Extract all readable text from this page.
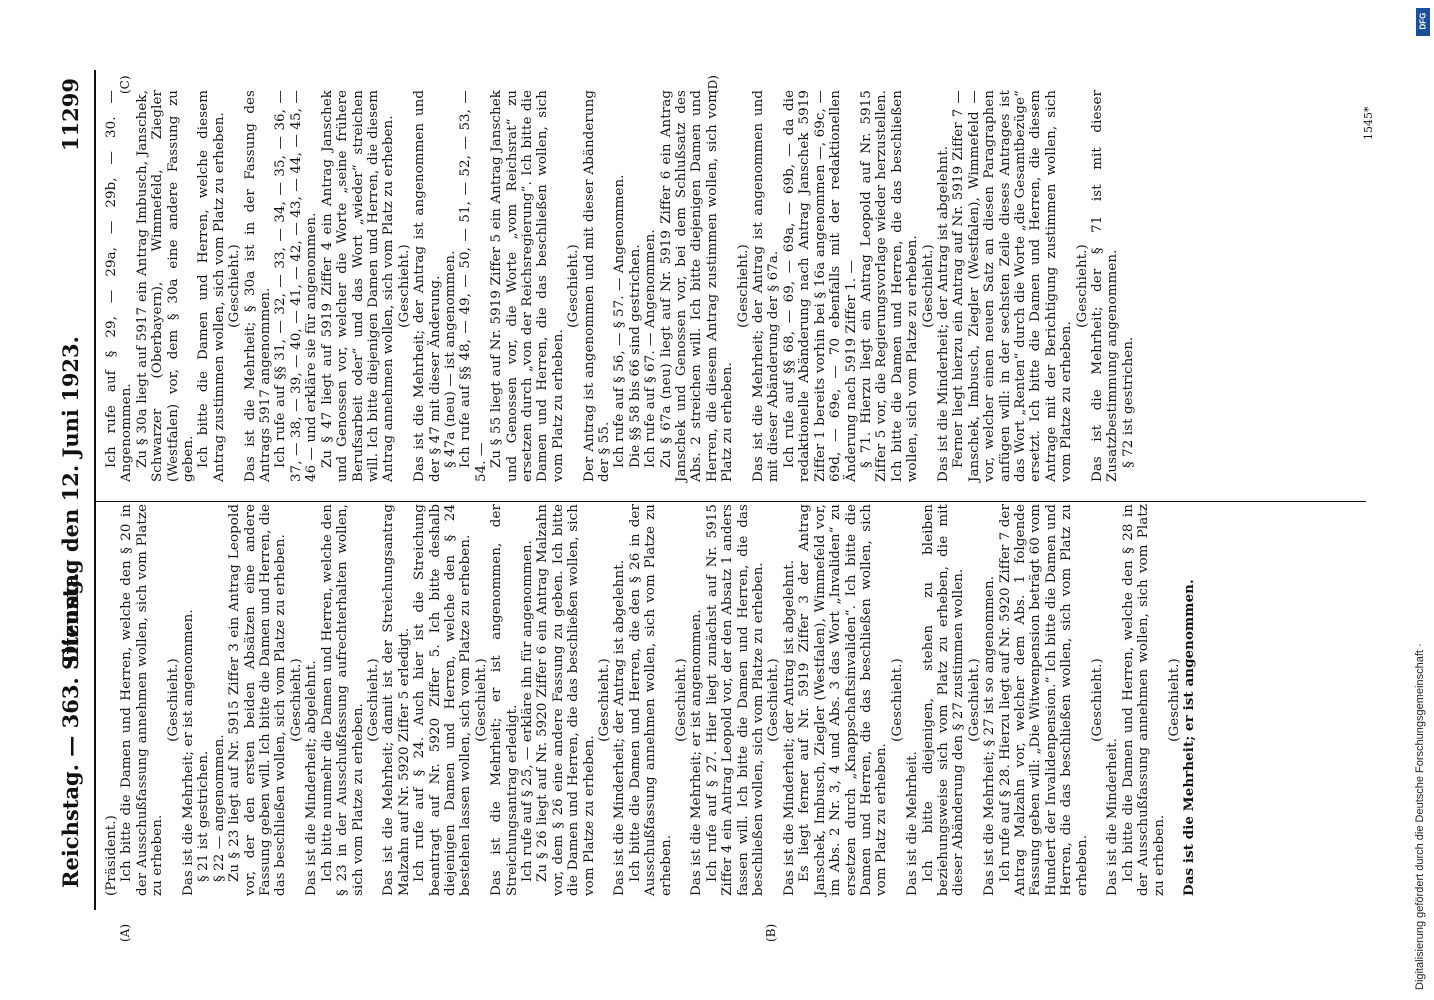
Reichstag. — 363. Sitzung.
Dienstag den 12. Juni 1923.
11299
(A)	(B)
(C)	(D)

(Präsident.) Ich bitte die Damen und Herren, welche den § 20 in der Ausschußfassung annehmen wollen, sich vom Platze zu erheben.

(Geschieht.) Das ist die Mehrheit; er ist angenommen. § 21 ist gestrichen. § 22 — angenommen. Zu § 23 liegt auf Nr. 5915 Ziffer 3 ein Antrag Leopold vor, der den ersten beiden Absätzen eine andere Fassung geben will. Ich bitte die Damen und Herren, die das beschließen wollen, sich vom Platze zu erheben. (Geschieht.) Das ist die Minderheit; abgelehnt. Ich bitte nunmehr die Damen und Herren, welche den § 23 in der Ausschußfassung aufrechterhalten wollen, sich vom Platze zu erheben.

(Geschieht.) Das ist die Mehrheit; damit ist der Streichungsantrag Malzahn auf Nr. 5920 Ziffer 5 erledigt. Ich rufe auf § 24. Auch hier ist die Streichung beantragt auf Nr. 5920 Ziffer 5. Ich bitte deshalb diejenigen Damen und Herren, welche den § 24 bestehen lassen wollen, sich vom Platze zu erheben. (Geschieht.) Das ist die Mehrheit; er ist angenommen, der Streichungsantrag erledigt. Ich rufe auf § 25, — erkläre ihn für angenommen. Zu § 26 liegt auf Nr. 5920 Ziffer 6 ein Antrag Malzahn vor, dem § 26 eine andere Fassung zu geben. Ich bitte die Damen und Herren, die das beschließen wollen, sich vom Platze zu erheben.

(Geschieht.) Das ist die Minderheit; der Antrag ist abgelehnt. Ich bitte die Damen und Herren, die den § 26 in der Ausschußfassung annehmen wollen, sich vom Platze zu erheben.

(Geschieht.) Das ist die Mehrheit; er ist angenommen. Ich rufe auf § 27. Hier liegt zunächst auf Nr. 5915 Ziffer 4 ein Antrag Leopold vor, der den Absatz 1 anders fassen will. Ich bitte die Damen und Herren, die das beschließen wollen, sich vom Platze zu erheben. (Geschieht.) Das ist die Minderheit; der Antrag ist abgelehnt. Es liegt ferner auf Nr. 5919 Ziffer 3 der Antrag Janschek, Imbusch, Ziegler (Westfalen), Wimmefeld vor, im Abs. 2 Nr. 3, 4 und Abs. 3 das Wort „Invaliden“ zu ersetzen durch „Knappschaftsinvaliden“. Ich bitte die Damen und Herren, die das beschließen wollen, sich vom Platz zu erheben.

(Geschieht.)

Das ist die Mehrheit. Ich bitte diejenigen, stehen zu bleiben beziehungsweise sich vom Platz zu erheben, die mit dieser Abänderung den § 27 zustimmen wollen. (Geschieht.) Das ist die Mehrheit; § 27 ist so angenommen. Ich rufe auf § 28. Hierzu liegt auf Nr. 5920 Ziffer 7 der Antrag Malzahn vor, welcher dem Abs. 1 folgende Fassung geben will: „Die Witwenpension beträgt 60 vom Hundert der Invalidenpension.“ Ich bitte die Damen und Herren, die das beschließen wollen, sich vom Platz zu erheben.

(Geschieht.)

Das ist die Minderheit. Ich bitte die Damen und Herren, welche den § 28 in der Ausschußfassung annehmen wollen, sich vom Platz zu erheben.

(Geschieht.) Das ist die Mehrheit; er ist angenommen.

Ich rufe auf § 29, — 29a, — 29b, — 30. — Angenommen. Zu § 30a liegt auf 5917 ein Antrag Imbusch, Janschek, Schwarzer (Oberbayern), Wimmefeld, Ziegler (Westfalen) vor, dem § 30a eine andere Fassung zu geben. Ich bitte die Damen und Herren, welche diesem Antrag zustimmen wollen, sich vom Platz zu erheben. (Geschieht.) Das ist die Mehrheit; § 30a ist in der Fassung des Antrags 5917 angenommen. Ich rufe auf §§ 31, — 32, — 33, — 34, — 35, — 36, — 37, — 38, — 39, — 40, — 41, — 42, — 43, — 44, — 45, — 46 — und erkläre sie für angenommen. Zu § 47 liegt auf 5919 Ziffer 4 ein Antrag Janschek und Genossen vor, welcher die Worte „seine frühere Berufsarbeit oder“ und das Wort „wieder“ streichen will. Ich bitte diejenigen Damen und Herren, die diesem Antrag annehmen wollen, sich vom Platz zu erheben. (Geschieht.) Das ist die Mehrheit; der Antrag ist angenommen und der § 47 mit dieser Änderung. § 47a (neu) — ist angenommen. Ich rufe auf §§ 48, — 49, — 50, — 51, — 52, — 53, — 54. — Zu § 55 liegt auf Nr. 5919 Ziffer 5 ein Antrag Janschek und Genossen vor, die Worte „vom Reichsrat“ zu ersetzen durch „von der Reichsregierung“. Ich bitte die Damen und Herren, die das beschließen wollen, sich vom Platz zu erheben.

(Geschieht.) Der Antrag ist angenommen und mit dieser Abänderung der § 55. Ich rufe auf § 56, — § 57. — Angenommen. Die §§ 58 bis 66 sind gestrichen. Ich rufe auf § 67. — Angenommen. Zu § 67a (neu) liegt auf Nr. 5919 Ziffer 6 ein Antrag Janschek und Genossen vor, bei dem Schlußsatz des Abs. 2 streichen will. Ich bitte diejenigen Damen und Herren, die diesem Antrag zustimmen wollen, sich vom Platz zu erheben.

(Geschieht.) Das ist die Mehrheit; der Antrag ist angenommen und mit dieser Abänderung der § 67a. Ich rufe auf §§ 68, — 69, — 69a, — 69b, — da die redaktionelle Abänderung nach Antrag Janschek 5919 Ziffer 1 bereits vorhin bei § 16a angenommen —, 69c, — 69d, — 69e, — 70 ebenfalls mit der redaktionellen Änderung nach 5919 Ziffer 1. — § 71. Hierzu liegt ein Antrag Leopold auf Nr. 5915 Ziffer 5 vor, die Regierungsvorlage wieder herzustellen. Ich bitte die Damen und Herren, die das beschließen wollen, sich vom Platze zu erheben. (Geschieht.) Das ist die Minderheit; der Antrag ist abgelehnt. Ferner liegt hierzu ein Antrag auf Nr. 5919 Ziffer 7 — Janschek, Imbusch, Ziegler (Westfalen), Wimmefeld — vor, welcher einen neuen Satz an diesen Paragraphen anfügen will: in der sechsten Zeile dieses Antrages ist das Wort „Renten“ durch die Worte „die Gesamtbezüge“ ersetzt. Ich bitte die Damen und Herren, die diesem Antrage mit der Berichtigung zustimmen wollen, sich vom Platze zu erheben.

(Geschieht.) Das ist die Mehrheit; der § 71 ist mit dieser Zusatzbestimmung angenommen. § 72 ist gestrichen.

1545*
Digitalisierung gefördert durch die Deutsche Forschungsgemeinschaft ·
DFG
